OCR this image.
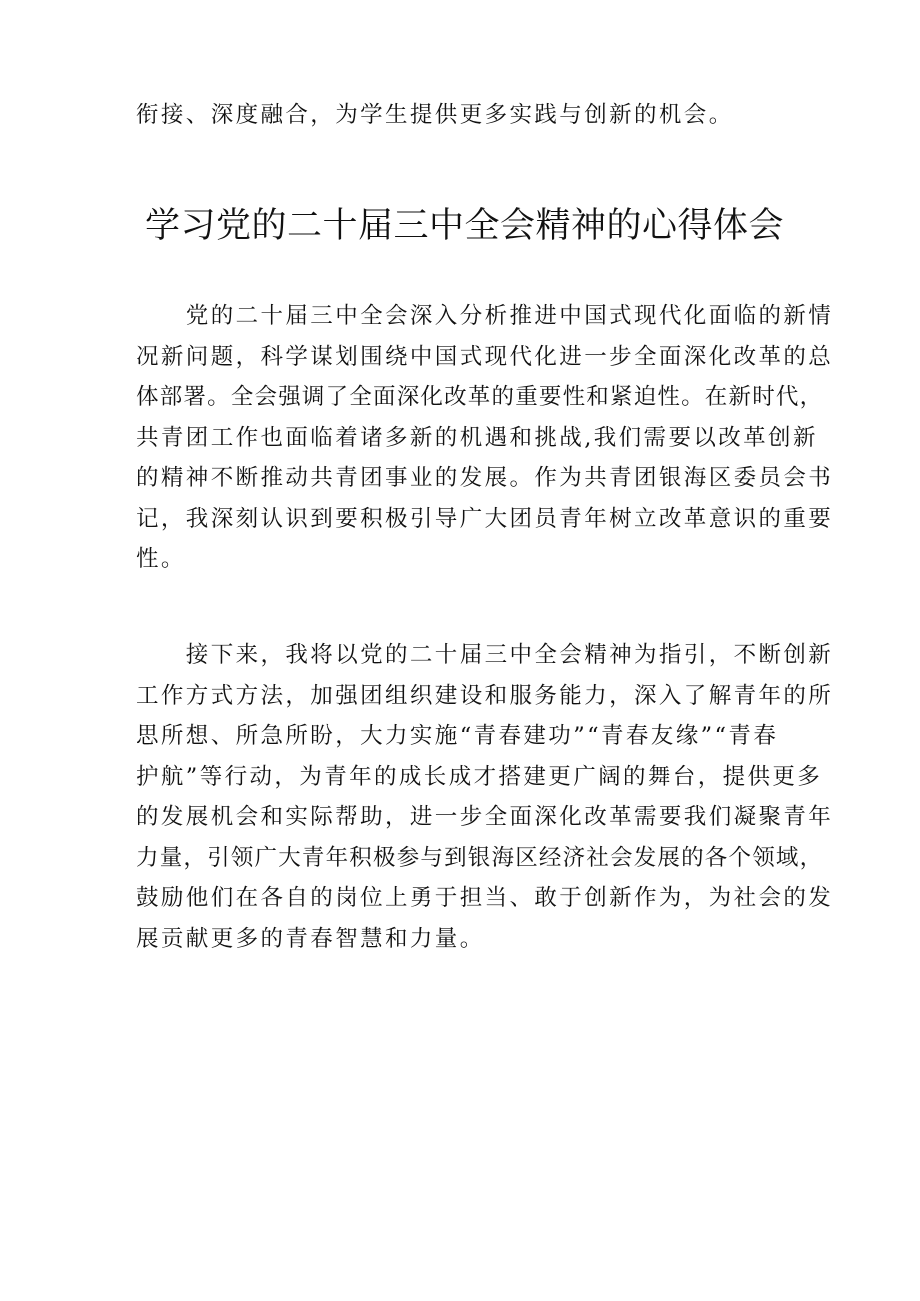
衔接、深度融合，为学生提供更多实践与创新的机会。
学习党的二十届三中全会精神的心得体会
　　党的二十届三中全会深入分析推进中国式现代化面临的新情
况新问题，科学谋划围绕中国式现代化进一步全面深化改革的总
体部署。全会强调了全面深化改革的重要性和紧迫性。在新时代，
共青团工作也面临着诸多新的机遇和挑战,我们需要以改革创新
的精神不断推动共青团事业的发展。作为共青团银海区委员会书
记，我深刻认识到要积极引导广大团员青年树立改革意识的重要
性。
　　接下来，我将以党的二十届三中全会精神为指引，不断创新
工作方式方法，加强团组织建设和服务能力，深入了解青年的所
思所想、所急所盼，大力实施“青春建功”“青春友缘”“青春
护航”等行动，为青年的成长成才搭建更广阔的舞台，提供更多
的发展机会和实际帮助，进一步全面深化改革需要我们凝聚青年
力量，引领广大青年积极参与到银海区经济社会发展的各个领域，
鼓励他们在各自的岗位上勇于担当、敢于创新作为，为社会的发
展贡献更多的青春智慧和力量。
